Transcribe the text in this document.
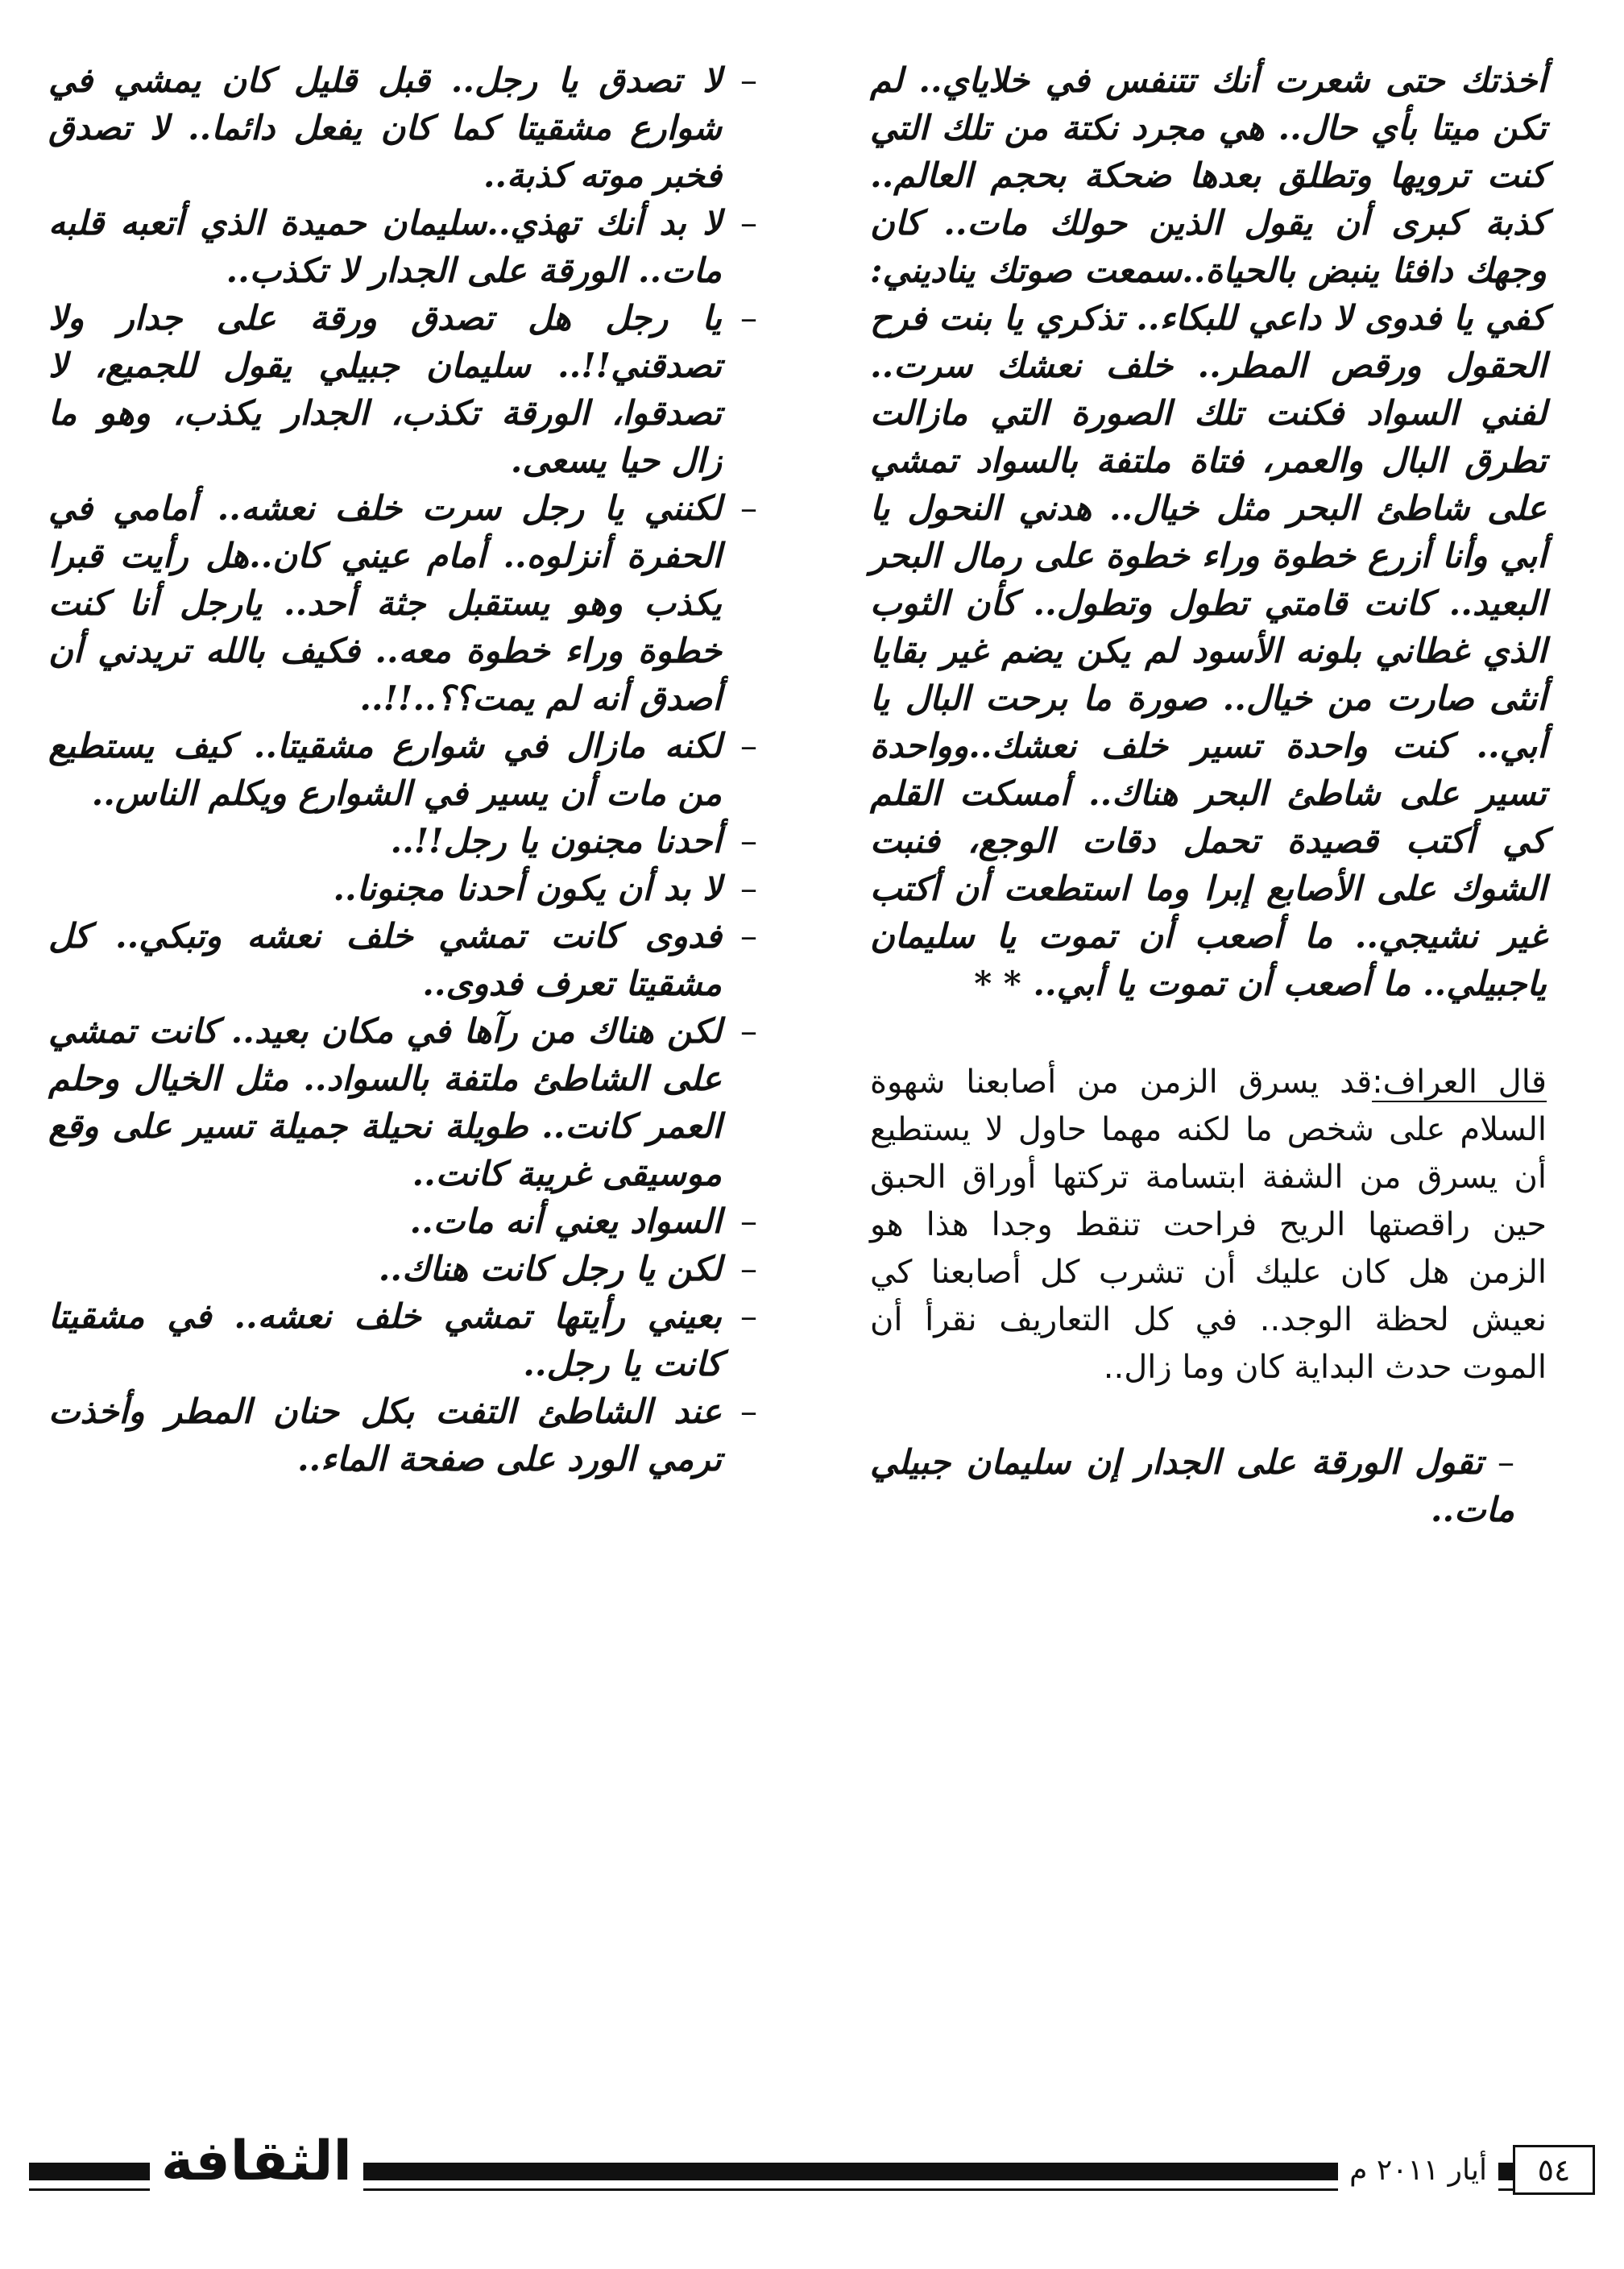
أخذتك حتى شعرت أنك تتنفس في خلاياي.. لم تكن ميتا بأي حال.. هي مجرد نكتة من تلك التي كنت ترويها وتطلق بعدها ضحكة بحجم العالم.. كذبة كبرى أن يقول الذين حولك مات.. كان وجهك دافئا ينبض بالحياة..سمعت صوتك يناديني: كفي يا فدوى لا داعي للبكاء.. تذكري يا بنت فرح الحقول ورقص المطر.. خلف نعشك سرت.. لفني السواد فكنت تلك الصورة التي مازالت تطرق البال والعمر، فتاة ملتفة بالسواد تمشي على شاطئ البحر مثل خيال.. هدني النحول يا أبي وأنا أزرع خطوة وراء خطوة على رمال البحر البعيد.. كانت قامتي تطول وتطول.. كأن الثوب الذي غطاني بلونه الأسود لم يكن يضم غير بقايا أنثى صارت من خيال.. صورة ما برحت البال يا أبي.. كنت واحدة تسير خلف نعشك..وواحدة تسير على شاطئ البحر هناك.. أمسكت القلم كي أكتب قصيدة تحمل دقات الوجع، فنبت الشوك على الأصابع إبرا وما استطعت أن أكتب غير نشيجي.. ما أصعب أن تموت يا سليمان ياجبيلي.. ما أصعب أن تموت يا أبي.. * *

قال العراف:قد يسرق الزمن من أصابعنا شهوة السلام على شخص ما لكنه مهما حاول لا يستطيع أن يسرق من الشفة ابتسامة تركتها أوراق الحبق حين راقصتها الريح فراحت تنقط وجدا هذا هو الزمن هل كان عليك أن تشرب كل أصابعنا كي نعيش لحظة الوجد.. في كل التعاريف نقرأ أن الموت حدث البداية كان وما زال..

– تقول الورقة على الجدار إن سليمان جبيلي مات..

– لا تصدق يا رجل.. قبل قليل كان يمشي في شوارع مشقيتا كما كان يفعل دائما.. لا تصدق فخبر موته كذبة..
– لا بد أنك تهذي..سليمان حميدة الذي أتعبه قلبه مات.. الورقة على الجدار لا تكذب..
– يا رجل هل تصدق ورقة على جدار ولا تصدقني!!.. سليمان جبيلي يقول للجميع، لا تصدقوا، الورقة تكذب، الجدار يكذب، وهو ما زال حيا يسعى.
– لكنني يا رجل سرت خلف نعشه.. أمامي في الحفرة أنزلوه.. أمام عيني كان..هل رأيت قبرا يكذب وهو يستقبل جثة أحد.. يارجل أنا كنت خطوة وراء خطوة معه.. فكيف بالله تريدني أن أصدق أنه لم يمت؟؟..!!..
– لكنه مازال في شوارع مشقيتا.. كيف يستطيع من مات أن يسير في الشوارع ويكلم الناس..
– أحدنا مجنون يا رجل!!..
– لا بد أن يكون أحدنا مجنونا..
– فدوى كانت تمشي خلف نعشه وتبكي.. كل مشقيتا تعرف فدوى..
– لكن هناك من رآها في مكان بعيد.. كانت تمشي على الشاطئ ملتفة بالسواد.. مثل الخيال وحلم العمر كانت.. طويلة نحيلة جميلة تسير على وقع موسيقى غريبة كانت..
– السواد يعني أنه مات..
– لكن يا رجل كانت هناك..
– بعيني رأيتها تمشي خلف نعشه.. في مشقيتا كانت يا رجل..
– عند الشاطئ التفت بكل حنان المطر وأخذت ترمي الورد على صفحة الماء..
الثقافة	أيار ٢٠١١ م	٥٤
